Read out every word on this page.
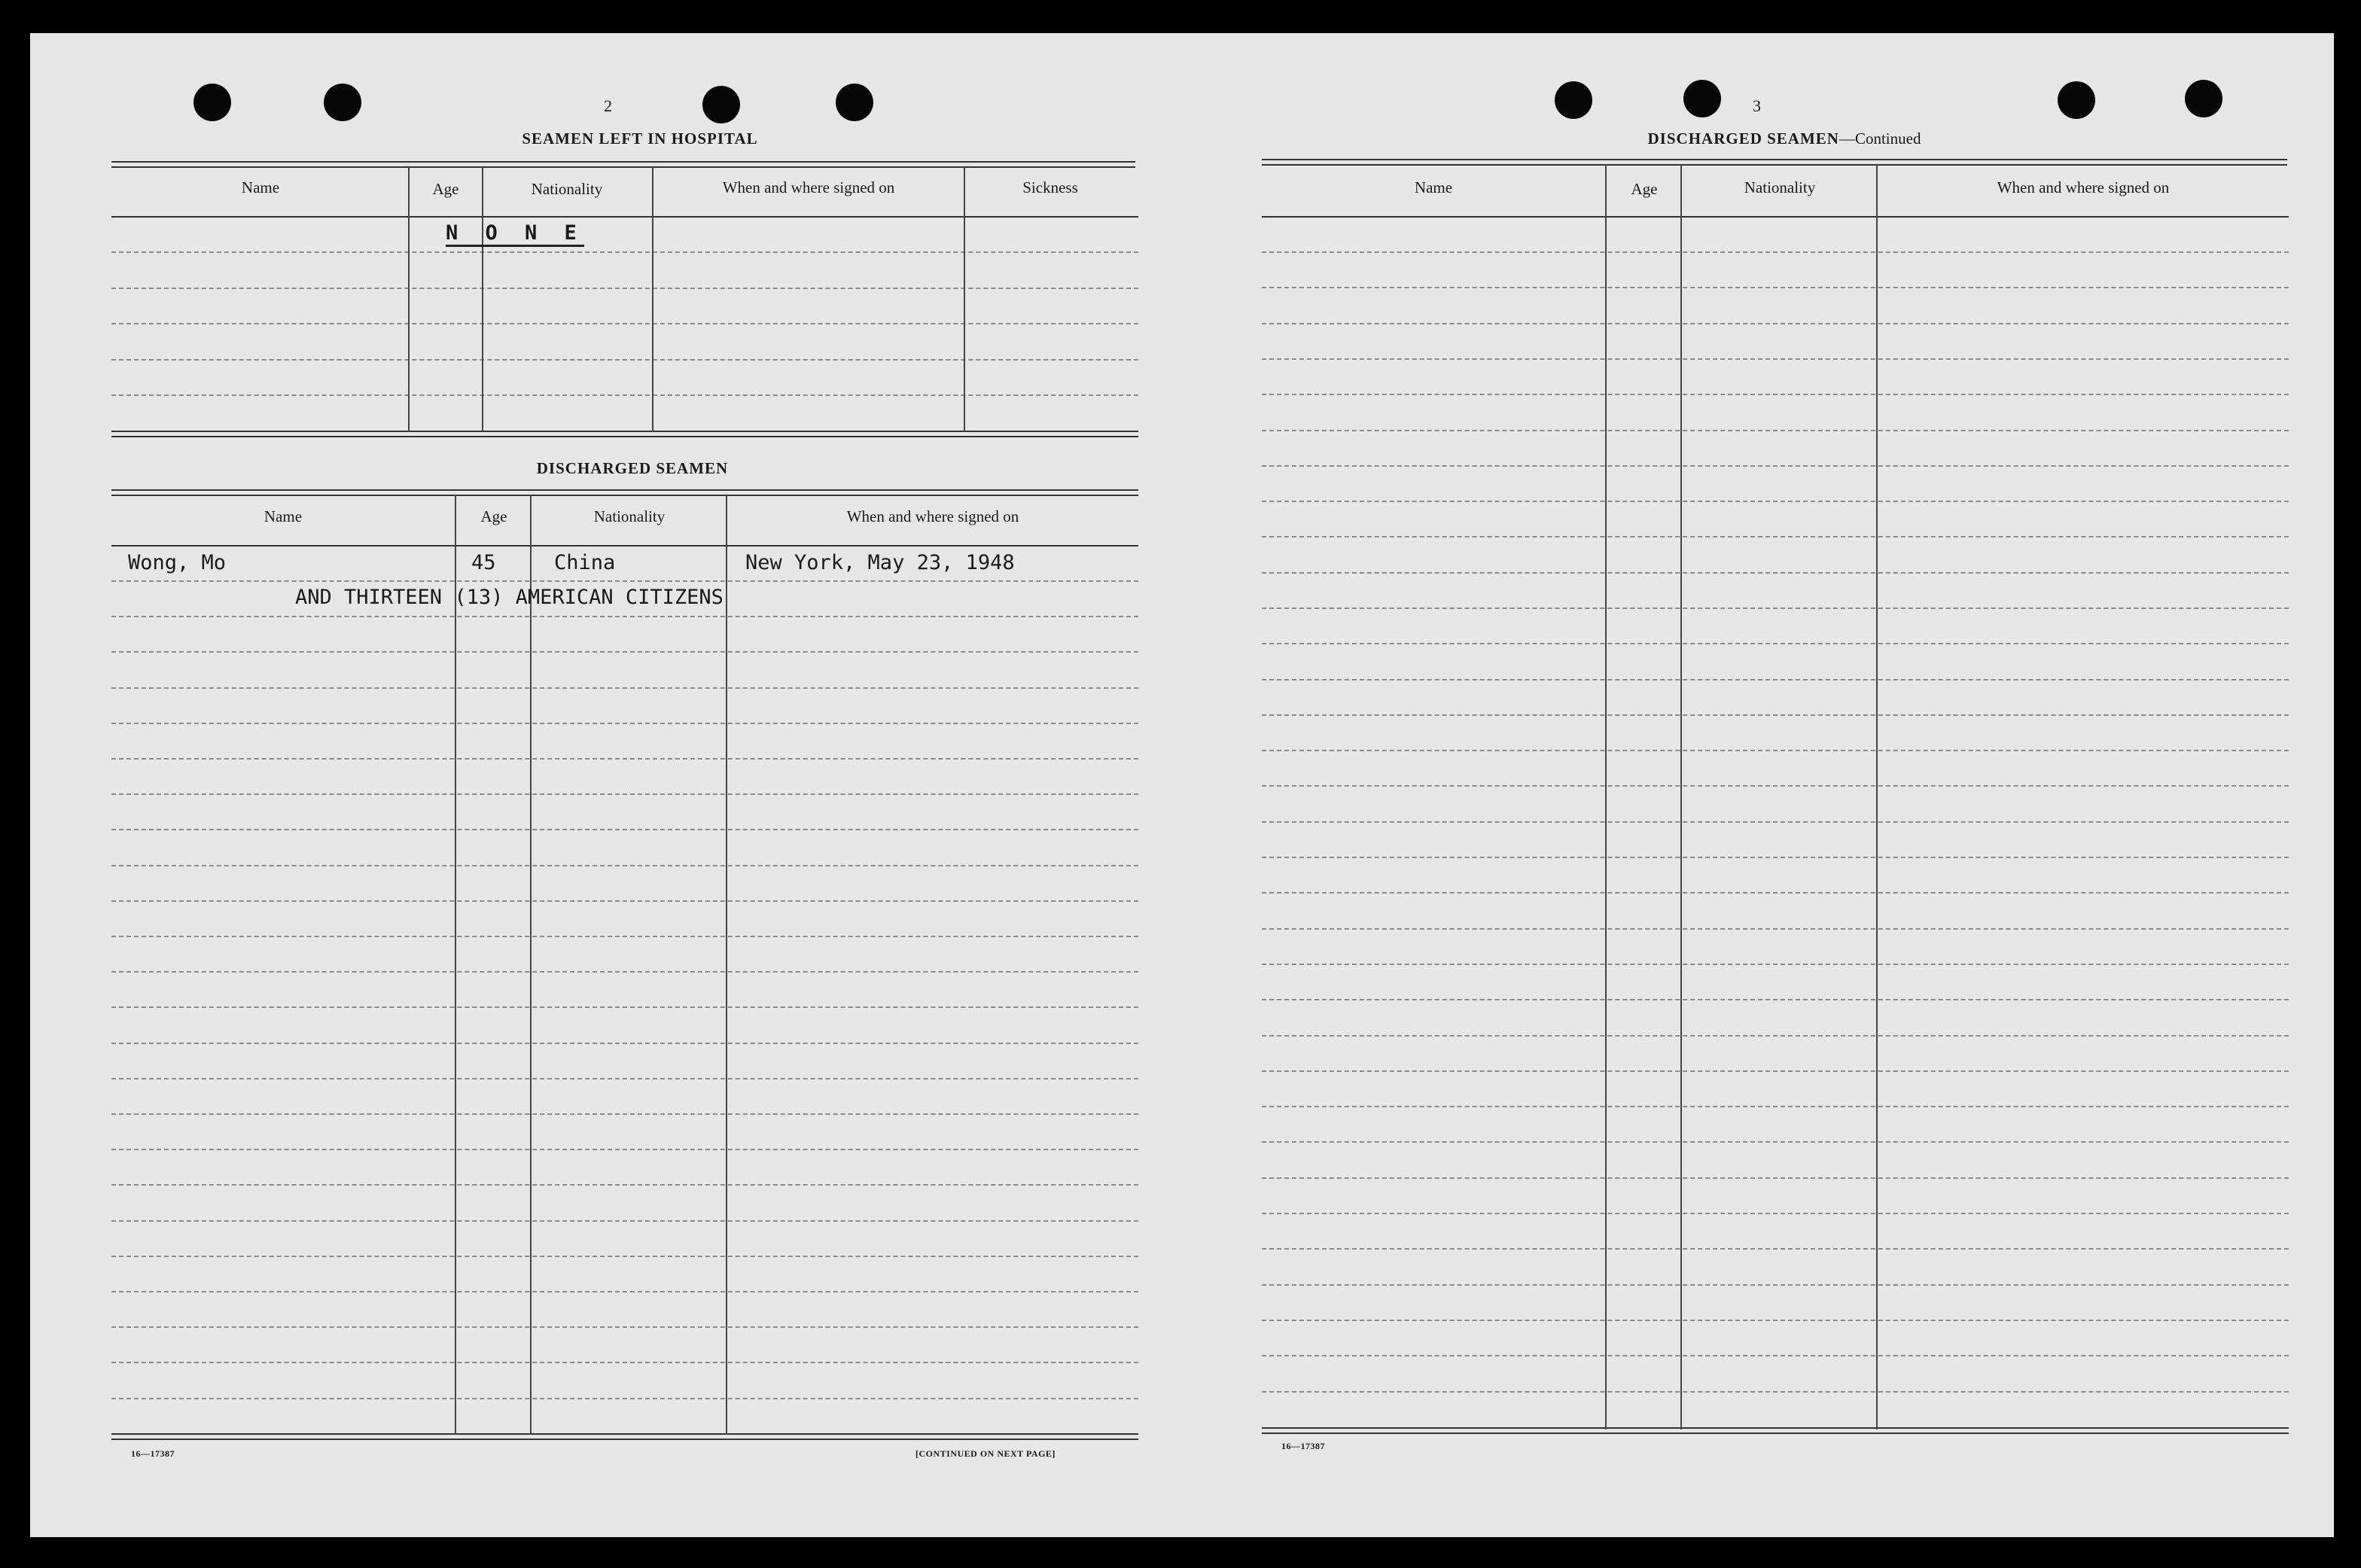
2
SEAMEN LEFT IN HOSPITAL
Name	Age	Nationality	When and where signed on	Sickness
N O N E
DISCHARGED SEAMEN
Name	Age	Nationality	When and where signed on
Wong, Mo	45	China	New York, May 23, 1948
AND THIRTEEN (13) AMERICAN CITIZENS
16—17387	[CONTINUED ON NEXT PAGE]
3
DISCHARGED SEAMEN—Continued
Name	Age	Nationality	When and where signed on
16—17387
